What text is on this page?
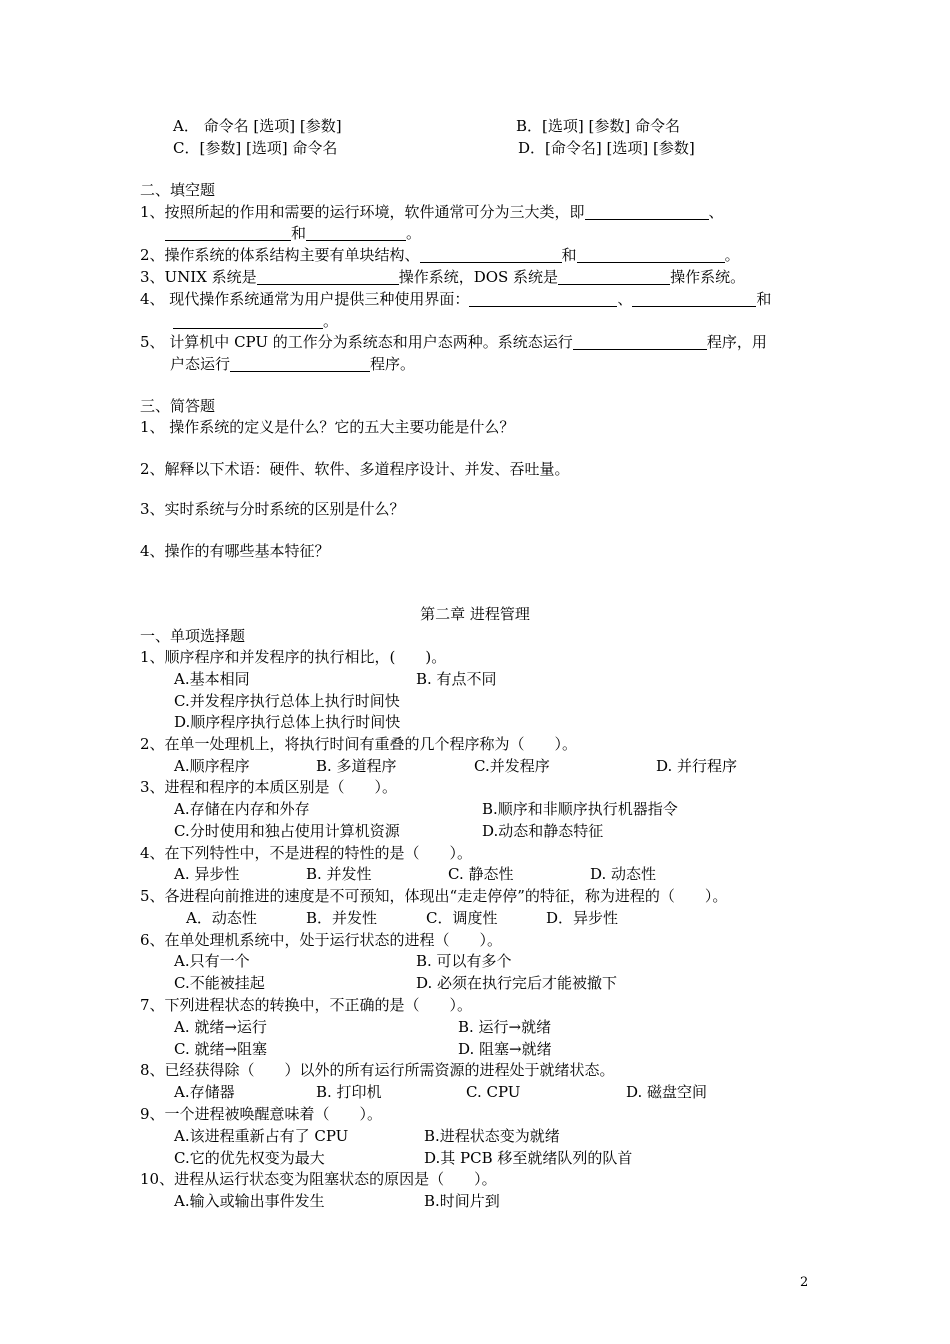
A． 命令名 [选项] [参数]	B．[选项] [参数] 命令名
C．[参数] [选项] 命令名	D．[命令名] [选项] [参数]
二、填空题
1、按照所起的作用和需要的运行环境，软件通常可分为三大类，即	、
和	。
2、操作系统的体系结构主要有单块结构、	和	。
3、UNIX 系统是	操作系统，DOS 系统是	操作系统。
4、 现代操作系统通常为用户提供三种使用界面：	、	和
。
5、 计算机中 CPU 的工作分为系统态和用户态两种。系统态运行	程序，用
户态运行	程序。
三、简答题
1、 操作系统的定义是什么？它的五大主要功能是什么？
2、解释以下术语：硬件、软件、多道程序设计、并发、吞吐量。
3、实时系统与分时系统的区别是什么？
4、操作的有哪些基本特征？
第二章 进程管理
一、单项选择题
1、顺序程序和并发程序的执行相比，(　　)。
A.基本相同	B. 有点不同
C.并发程序执行总体上执行时间快
D.顺序程序执行总体上执行时间快
2、在单一处理机上，将执行时间有重叠的几个程序称为（　　）。
A.顺序程序	B. 多道程序	C.并发程序	D. 并行程序
3、进程和程序的本质区别是（　　）。
A.存储在内存和外存	B.顺序和非顺序执行机器指令
C.分时使用和独占使用计算机资源	D.动态和静态特征
4、在下列特性中，不是进程的特性的是（　　）。
A. 异步性	B. 并发性	C. 静态性	D. 动态性
5、各进程向前推进的速度是不可预知，体现出“走走停停”的特征，称为进程的（　　）。
A．动态性	B．并发性	C．调度性	D．异步性
6、在单处理机系统中，处于运行状态的进程（　　）。
A.只有一个	B. 可以有多个
C.不能被挂起	D. 必须在执行完后才能被撤下
7、下列进程状态的转换中，不正确的是（　　）。
A. 就绪→运行	B. 运行→就绪
C. 就绪→阻塞	D. 阻塞→就绪
8、已经获得除（　　）以外的所有运行所需资源的进程处于就绪状态。
A.存储器	B. 打印机	C. CPU	D. 磁盘空间
9、一个进程被唤醒意味着（　　）。
A.该进程重新占有了 CPU	B.进程状态变为就绪
C.它的优先权变为最大	D.其 PCB 移至就绪队列的队首
10、进程从运行状态变为阻塞状态的原因是（　　）。
A.输入或输出事件发生	B.时间片到
2
